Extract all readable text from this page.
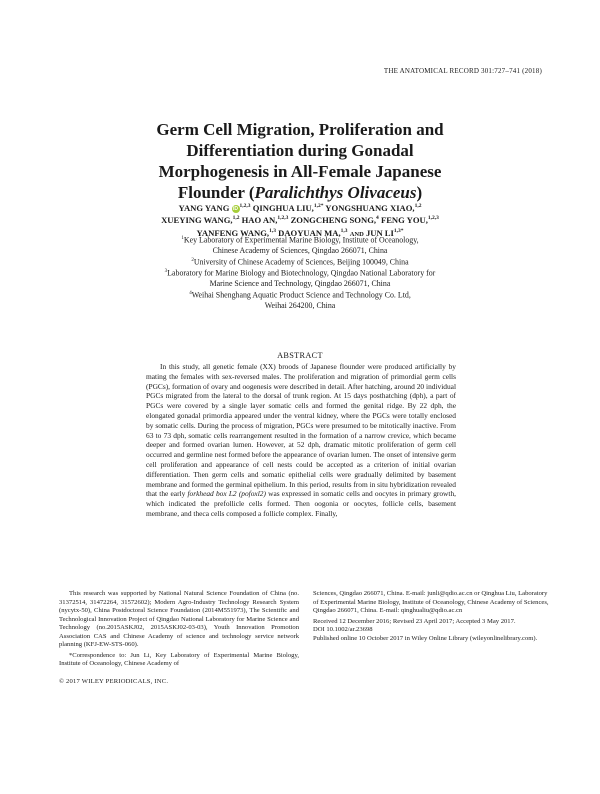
THE ANATOMICAL RECORD 301:727–741 (2018)
Germ Cell Migration, Proliferation and
Differentiation during Gonadal
Morphogenesis in All-Female Japanese
Flounder (Paralichthys Olivaceus)
YANG YANG iD $^{1,2,3}$ QINGHUA LIU,$^{1,2*}$ YONGSHUANG XIAO,$^{1,2}$
XUEYING WANG,$^{1,2}$ HAO AN,$^{1,2,3}$ ZONGCHENG SONG,$^4$ FENG YOU,$^{1,2,3}$
YANFENG WANG,$^{1,3}$ DAOYUAN MA,$^{1,3}$ AND JUN $LI^{1,3*}$
$^1$Key Laboratory of Experimental Marine Biology, Institute of Oceanology,
Chinese Academy of Sciences, Qingdao 266071, China
$^2$University of Chinese Academy of Sciences, Beijing 100049, China
$^3$Laboratory for Marine Biology and Biotechnology, Qingdao National Laboratory for
Marine Science and Technology, Qingdao 266071, China
$^4$Weihai Shenghang Aquatic Product Science and Technology Co. Ltd,
Weihai 264200, China
ABSTRACT

In this study, all genetic female (XX) broods of Japanese flounder were produced artificially by mating the females with sex-reversed males. The proliferation and migration of primordial germ cells (PGCs), formation of ovary and oogenesis were described in detail. After hatching, around 20 individual PGCs migrated from the lateral to the dorsal of trunk region. At 15 days posthatching (dph), a part of PGCs were covered by a single layer somatic cells and formed the genital ridge. By 22 dph, the elongated gonadal primordia appeared under the ventral kidney, where the PGCs were totally enclosed by somatic cells. During the process of migration, PGCs were presumed to be mitotically inactive. From 63 to 73 dph, somatic cells rearrangement resulted in the formation of a narrow crevice, which became deeper and formed ovarian lumen. However, at 52 dph, dramatic mitotic proliferation of germ cell occurred and germline nest formed before the appearance of ovarian lumen. The onset of intensive germ cell proliferation and appearance of cell nests could be accepted as a criterion of initial ovarian differentiation. Then germ cells and somatic epithelial cells were gradually delimited by basement membrane and formed the germinal epithelium. In this period, results from in situ hybridization revealed that the early forkhead box L2 (pofoxl2) was expressed in somatic cells and oocytes in primary growth, which indicated the prefollicle cells formed. Then oogonia or oocytes, follicle cells, basement membrane, and theca cells composed a follicle complex. Finally,

This research was supported by National Natural Science Foundation of China (no. 31372514, 31472264, 31572602); Modern Agro-Industry Technology Research System (nycytx-50), China Postdoctoral Science Foundation (2014M551973), The Scientific and Technological Innovation Project of Qingdao National Laboratory for Marine Science and Technology (no.2015ASKJ02, 2015ASKJ02-03-03), Youth Innovation Promotion Association CAS and Chinese Academy of science and technology service network planning (KFJ-EW-STS-060).

*Correspondence to: Jun Li, Key Laboratory of Experimental Marine Biology, Institute of Oceanology, Chinese Academy of

Sciences, Qingdao 266071, China. E-mail: junli@qdio.ac.cn or Qinghua Liu, Laboratory of Experimental Marine Biology, Institute of Oceanology, Chinese Academy of Sciences, Qingdao 266071, China. E-mail: qinghualiu@qdio.ac.cn

Received 12 December 2016; Revised 23 April 2017; Accepted 3 May 2017.

DOI 10.1002/ar.23698

Published online 10 October 2017 in Wiley Online Library (wileyonlinelibrary.com).

© 2017 WILEY PERIODICALS, INC.
